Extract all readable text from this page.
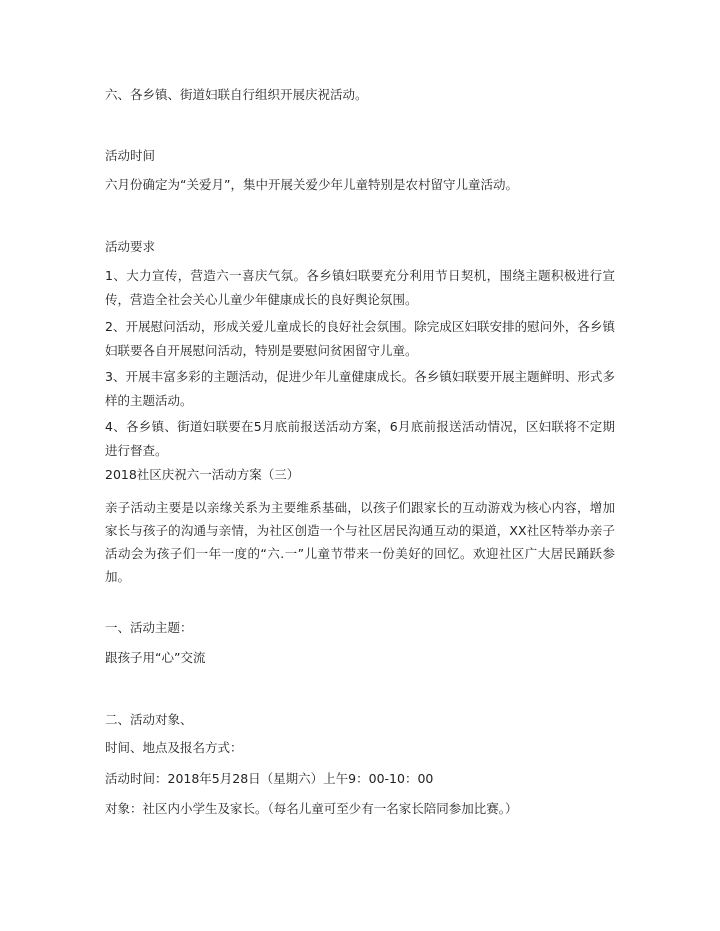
六、各乡镇、街道妇联自行组织开展庆祝活动。
活动时间
六月份确定为“关爱月”，集中开展关爱少年儿童特别是农村留守儿童活动。
活动要求
1、大力宣传，营造六一喜庆气氛。各乡镇妇联要充分利用节日契机，围绕主题积极进行宣传，营造全社会关心儿童少年健康成长的良好舆论氛围。
2、开展慰问活动，形成关爱儿童成长的良好社会氛围。除完成区妇联安排的慰问外，各乡镇妇联要各自开展慰问活动，特别是要慰问贫困留守儿童。
3、开展丰富多彩的主题活动，促进少年儿童健康成长。各乡镇妇联要开展主题鲜明、形式多样的主题活动。
4、各乡镇、街道妇联要在5月底前报送活动方案，6月底前报送活动情况，区妇联将不定期进行督查。
2018社区庆祝六一活动方案（三）
亲子活动主要是以亲缘关系为主要维系基础，以孩子们跟家长的互动游戏为核心内容，增加家长与孩子的沟通与亲情，为社区创造一个与社区居民沟通互动的渠道，XX社区特举办亲子活动会为孩子们一年一度的“六.一”儿童节带来一份美好的回忆。欢迎社区广大居民踊跃参加。
一、活动主题：
跟孩子用“心”交流
二、活动对象、
时间、地点及报名方式：
活动时间：2018年5月28日（星期六）上午9：00-10：00
对象：社区内小学生及家长。（每名儿童可至少有一名家长陪同参加比赛。）
